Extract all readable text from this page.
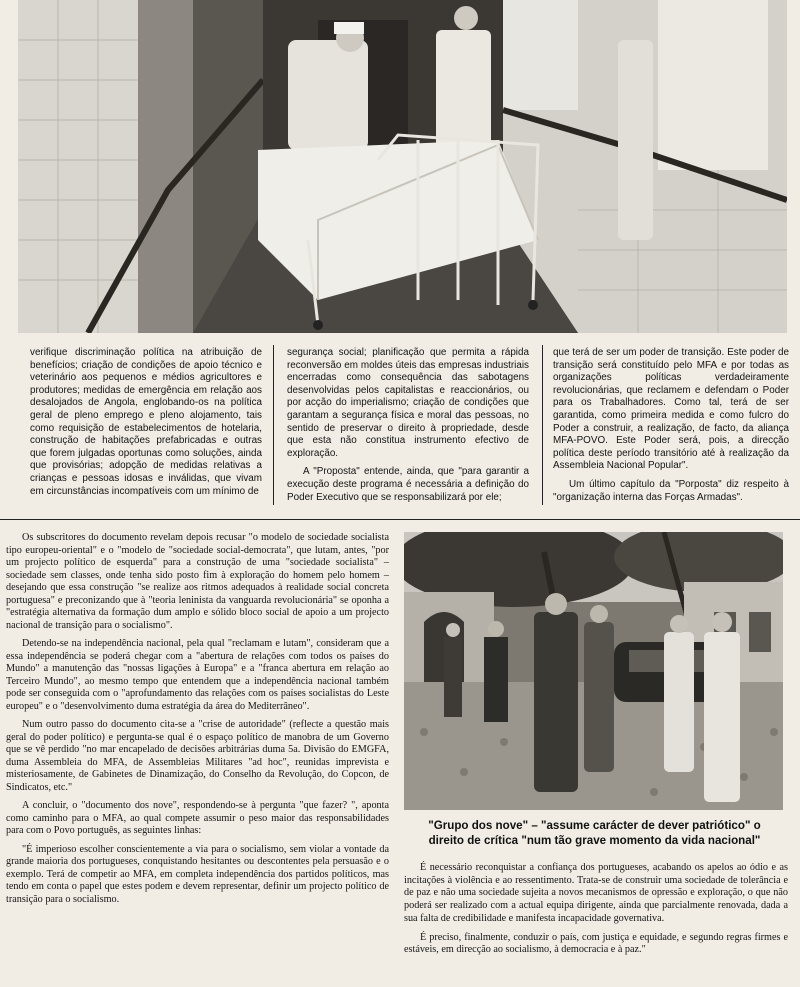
verifique discriminação política na atribuição de benefícios; criação de condições de apoio técnico e veterinário aos pequenos e médios agricultores e produtores; medidas de emergência em relação aos desalojados de Angola, englobando-os na política geral de pleno emprego e pleno alojamento, tais como requisição de estabelecimentos de hotelaria, construção de habitações prefabricadas e outras que forem julgadas oportunas como soluções, ainda que provisórias; adopção de medidas relativas a crianças e pessoas idosas e inválidas, que vivam em circunstâncias incompatíveis com um mínimo de

segurança social; planificação que permita a rápida reconversão em moldes úteis das empresas industriais encerradas como consequência das sabotagens desenvolvidas pelos capitalistas e reaccionários, ou por acção do imperialismo; criação de condições que garantam a segurança física e moral das pessoas, no sentido de preservar o direito à propriedade, desde que esta não constitua instrumento efectivo de exploração.

A "Proposta" entende, ainda, que "para garantir a execução deste programa é necessária a definição do Poder Executivo que se responsabilizará por ele;

que terá de ser um poder de transição. Este poder de transição será constituído pelo MFA e por todas as organizações políticas verdadeiramente revolucionárias, que reclamem e defendam o Poder para os Trabalhadores. Como tal, terá de ser garantida, como primeira medida e como fulcro do Poder a construir, a realização, de facto, da aliança MFA-POVO. Este Poder será, pois, a direcção política deste período transitório até à realização da Assembleia Nacional Popular".

Um último capítulo da "Porposta" diz respeito à "organização interna das Forças Armadas".

Os subscritores do documento revelam depois recusar "o modelo de sociedade socialista tipo europeu-oriental" e o "modelo de "sociedade social-democrata", que lutam, antes, "por um projecto político de esquerda" para a construção de uma "sociedade socialista" – sociedade sem classes, onde tenha sido posto fim à exploração do homem pelo homem – desejando que essa construção "se realize aos ritmos adequados à realidade social concreta portuguesa" e preconizando que à "teoria leninista da vanguarda revolucionária" se oponha a "estratégia alternativa da formação dum amplo e sólido bloco social de apoio a um projecto nacional de transição para o socialismo".

Detendo-se na independência nacional, pela qual "reclamam e lutam", consideram que a essa independência se poderá chegar com a "abertura de relações com todos os países do Mundo" a manutenção das "nossas ligações à Europa" e a "franca abertura em relação ao Terceiro Mundo", ao mesmo tempo que entendem que a independência nacional também pode ser conseguida com o "aprofundamento das relações com os países socialistas do Leste europeu" e o "desenvolvimento duma estratégia da área do Mediterrâneo".

Num outro passo do documento cita-se a "crise de autoridade" (reflecte a questão mais geral do poder político) e pergunta-se qual é o espaço político de manobra de um Governo que se vê perdido "no mar encapelado de decisões arbitrárias duma 5a. Divisão do EMGFA, duma Assembleia do MFA, de Assembleias Militares "ad hoc", reunidas imprevista e misteriosamente, de Gabinetes de Dinamização, do Conselho da Revolução, do Copcon, de Sindicatos, etc."

A concluir, o "documento dos nove", respondendo-se à pergunta "que fazer? ", aponta como caminho para o MFA, ao qual compete assumir o peso maior das responsabilidades para com o Povo português, as seguintes linhas:

"É imperioso escolher conscientemente a via para o socialismo, sem violar a vontade da grande maioria dos portugueses, conquistando hesitantes ou descontentes pela persuasão e o exemplo. Terá de competir ao MFA, em completa independência dos partidos políticos, mas tendo em conta o papel que estes podem e devem representar, definir um projecto político de transição para o socialismo.

"Grupo dos nove" – "assume carácter de dever patriótico" o
direito de crítica "num tão grave momento da vida nacional"

É necessário reconquistar a confiança dos portugueses, acabando os apelos ao ódio e as incitações à violência e ao ressentimento. Trata-se de construir uma sociedade de tolerância e de paz e não uma sociedade sujeita a novos mecanismos de opressão e exploração, o que não poderá ser realizado com a actual equipa dirigente, ainda que parcialmente renovada, dada a sua falta de credibilidade e manifesta incapacidade governativa.

É preciso, finalmente, conduzir o país, com justiça e equidade, e segundo regras firmes e estáveis, em direcção ao socialismo, à democracia e à paz."
